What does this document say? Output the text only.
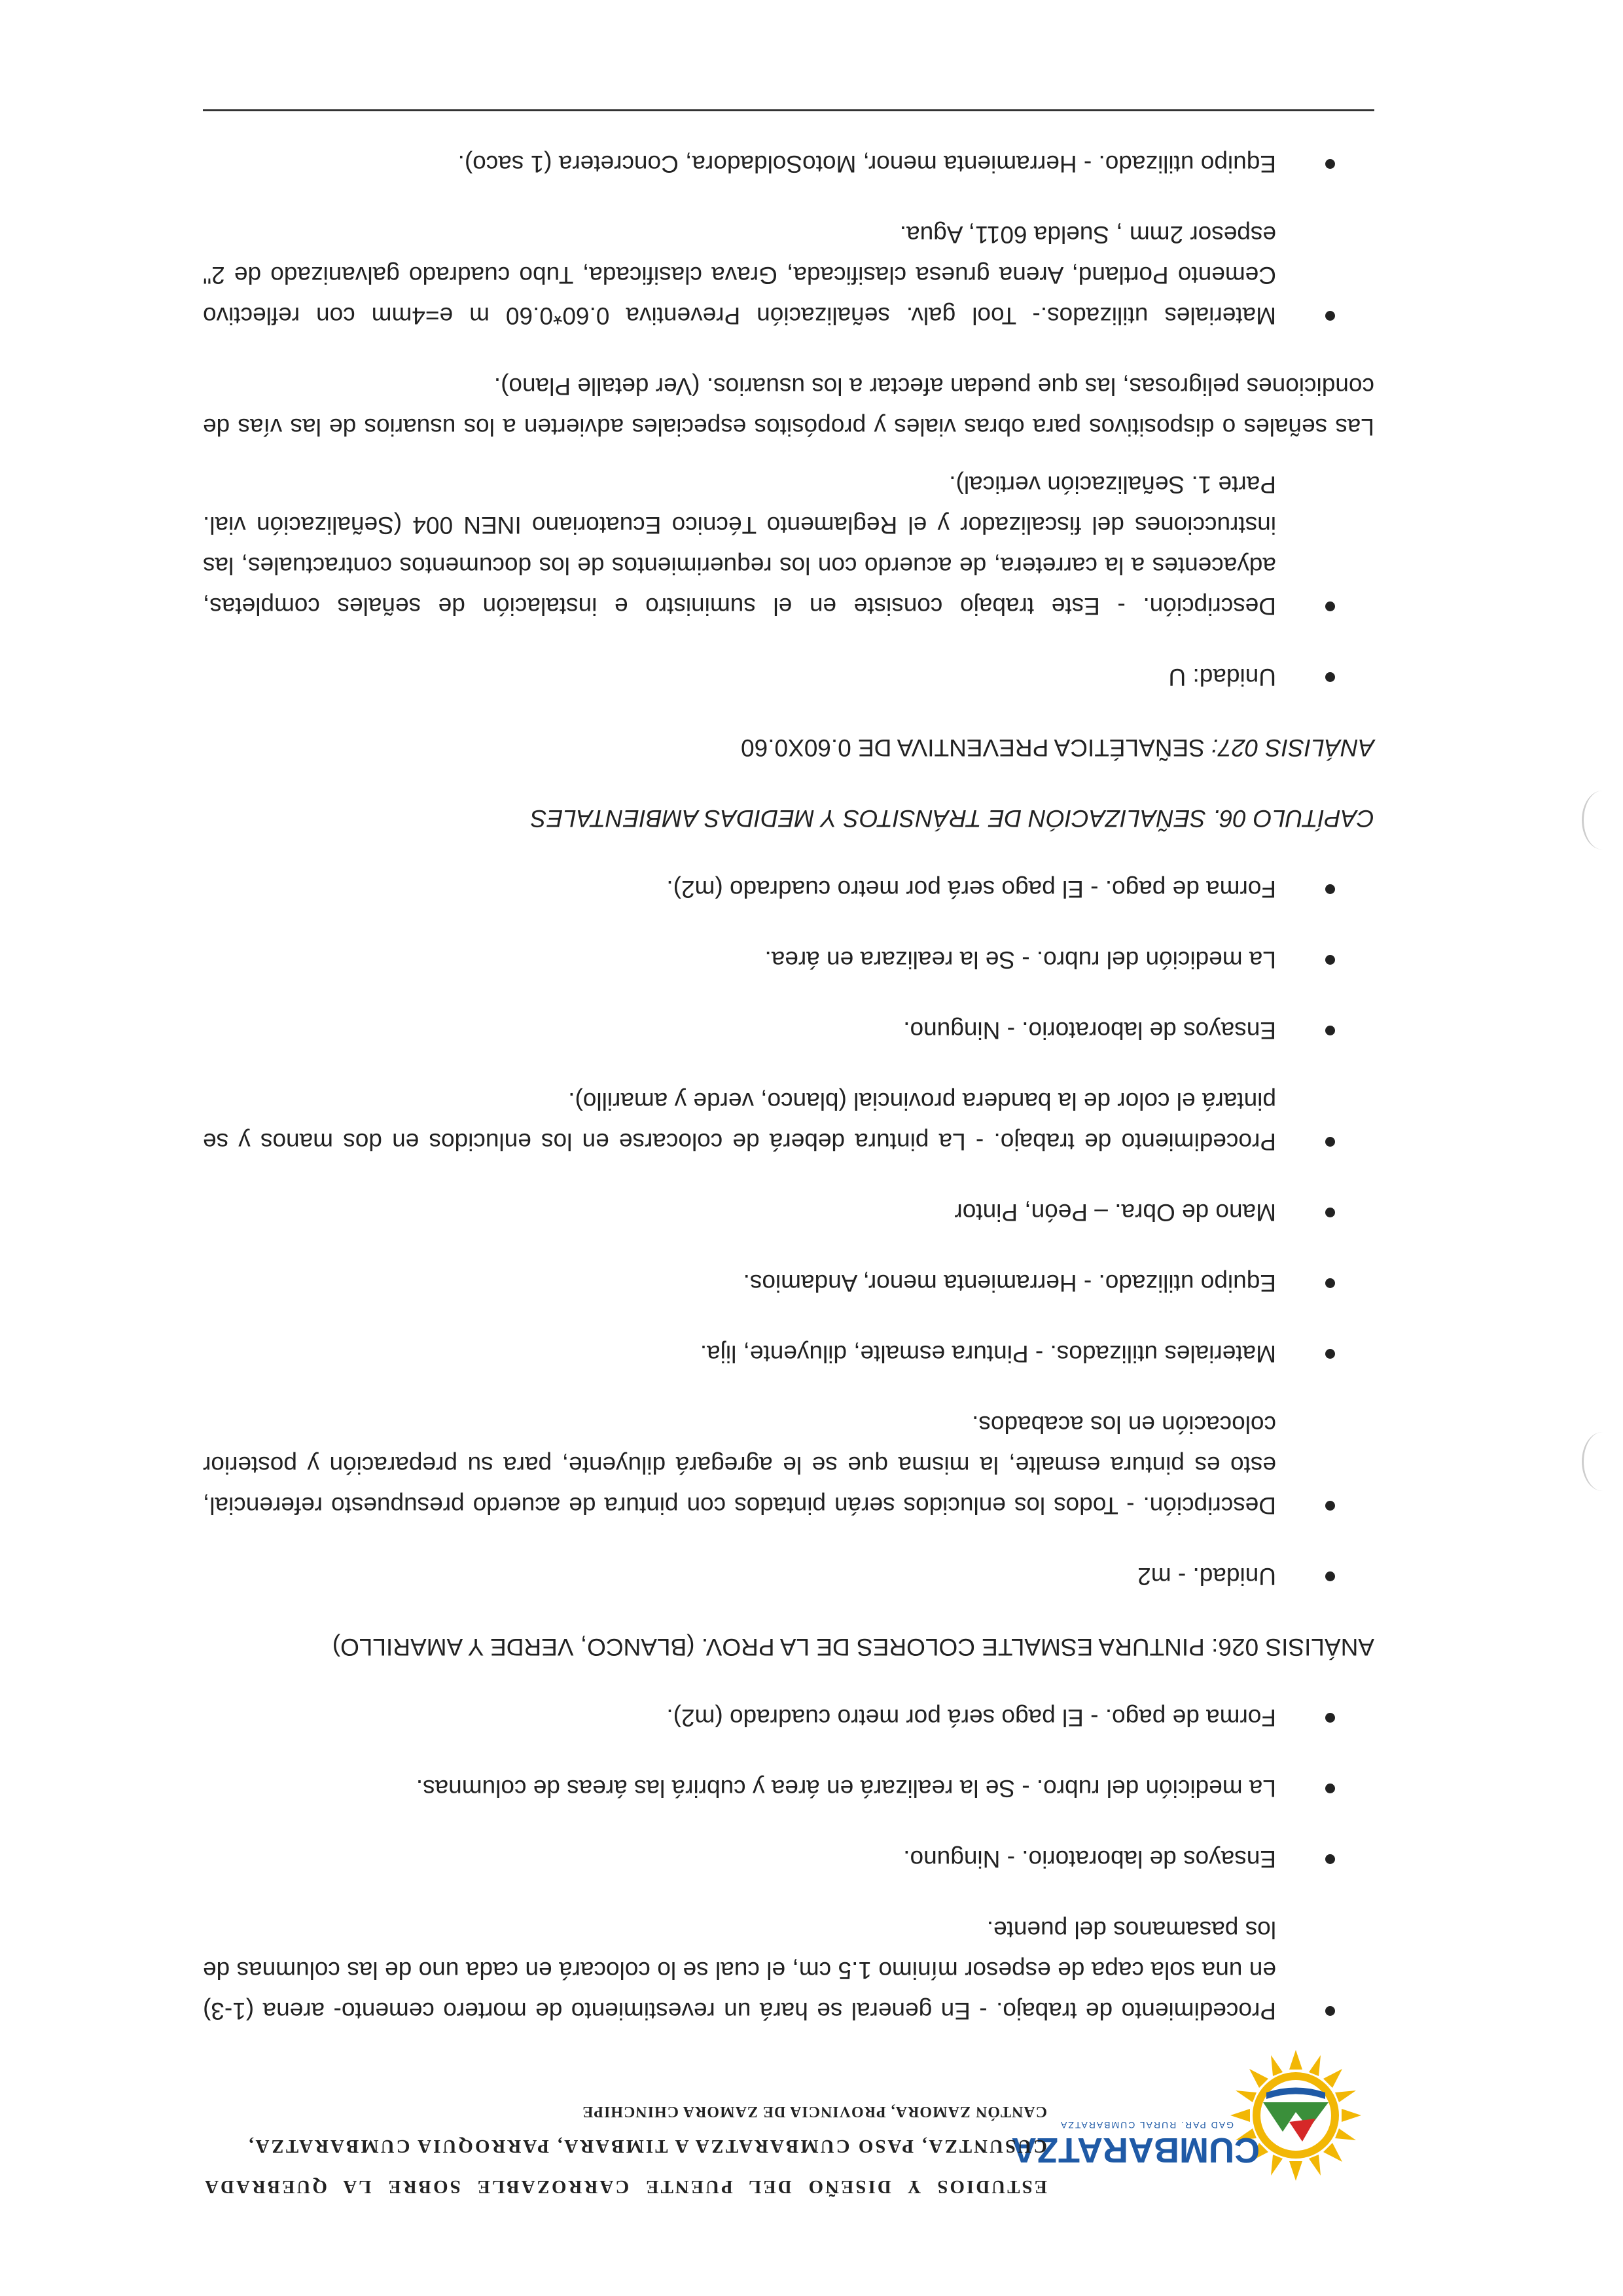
CUMBARATZA
GAD PAR. RURAL CUMBARATZA
ESTUDIOS Y DISEÑO DEL PUENTE CARROZABLE SOBRE LA QUEBRADA
CUSUNTZA, PASO CUMBARATZA A TIMBARA, PARROQUIA CUMBARATZA,
CANTÓN ZAMORA, PROVINCIA DE ZAMORA CHINCHIPE
Procedimiento de trabajo. - En general se hará un revestimiento de mortero cemento- arena (1-3) en una sola capa de espesor mínimo 1.5 cm, el cual se lo colocará en cada uno de las columnas de los pasamanos del puente.
Ensayos de laboratorio. - Ninguno.
La medición del rubro. - Se la realizará en área y cubrirá las áreas de columnas.
Forma de pago. - El pago será por metro cuadrado (m2).
ANÁLISIS 026: PINTURA ESMALTE COLORES DE LA PROV. (BLANCO, VERDE Y AMARILLO)
Unidad. - m2
Descripción. - Todos los enlucidos serán pintados con pintura de acuerdo presupuesto referencial, esto es pintura esmalte, la misma que se le agregará diluyente, para su preparación y posterior colocación en los acabados.
Materiales utilizados. - Pintura esmalte, diluyente, lija.
Equipo utilizado. - Herramienta menor, Andamios.
Mano de Obra. – Peón, Pintor
Procedimiento de trabajo. - La pintura deberá de colocarse en los enlucidos en dos manos y se pintará el color de la bandera provincial (blanco, verde y amarillo).
Ensayos de laboratorio. - Ninguno.
La medición del rubro. - Se la realizara en área.
Forma de pago. - El pago será por metro cuadrado (m2).
CAPÍTULO 06. SEÑALIZACIÓN DE TRÁNSITOS Y MEDIDAS AMBIENTALES
ANÁLISIS 027: SEÑALÉTICA PREVENTIVA DE 0.60X0.60
Unidad: U
Descripción. - Este trabajo consiste en el suministro e instalación de señales completas, adyacentes a la carretera, de acuerdo con los requerimientos de los documentos contractuales, las instrucciones del fiscalizador y el Reglamento Técnico Ecuatoriano INEN 004 (Señalización vial. Parte 1. Señalización vertical).
Las señales o dispositivos para obras viales y propósitos especiales advierten a los usuarios de las vías de condiciones peligrosas, las que puedan afectar a los usuarios. (Ver detalle Plano).
Materiales utilizados.- Tool galv. señalización Preventiva 0.60*0.60 m e=4mm con reflectivo Cemento Portland, Arena gruesa clasificada, Grava clasificada, Tubo cuadrado galvanizado de 2" espesor 2mm , Suelda 6011, Agua.
Equipo utilizado. - Herramienta menor, MotoSoldadora, Concretera (1 saco).
